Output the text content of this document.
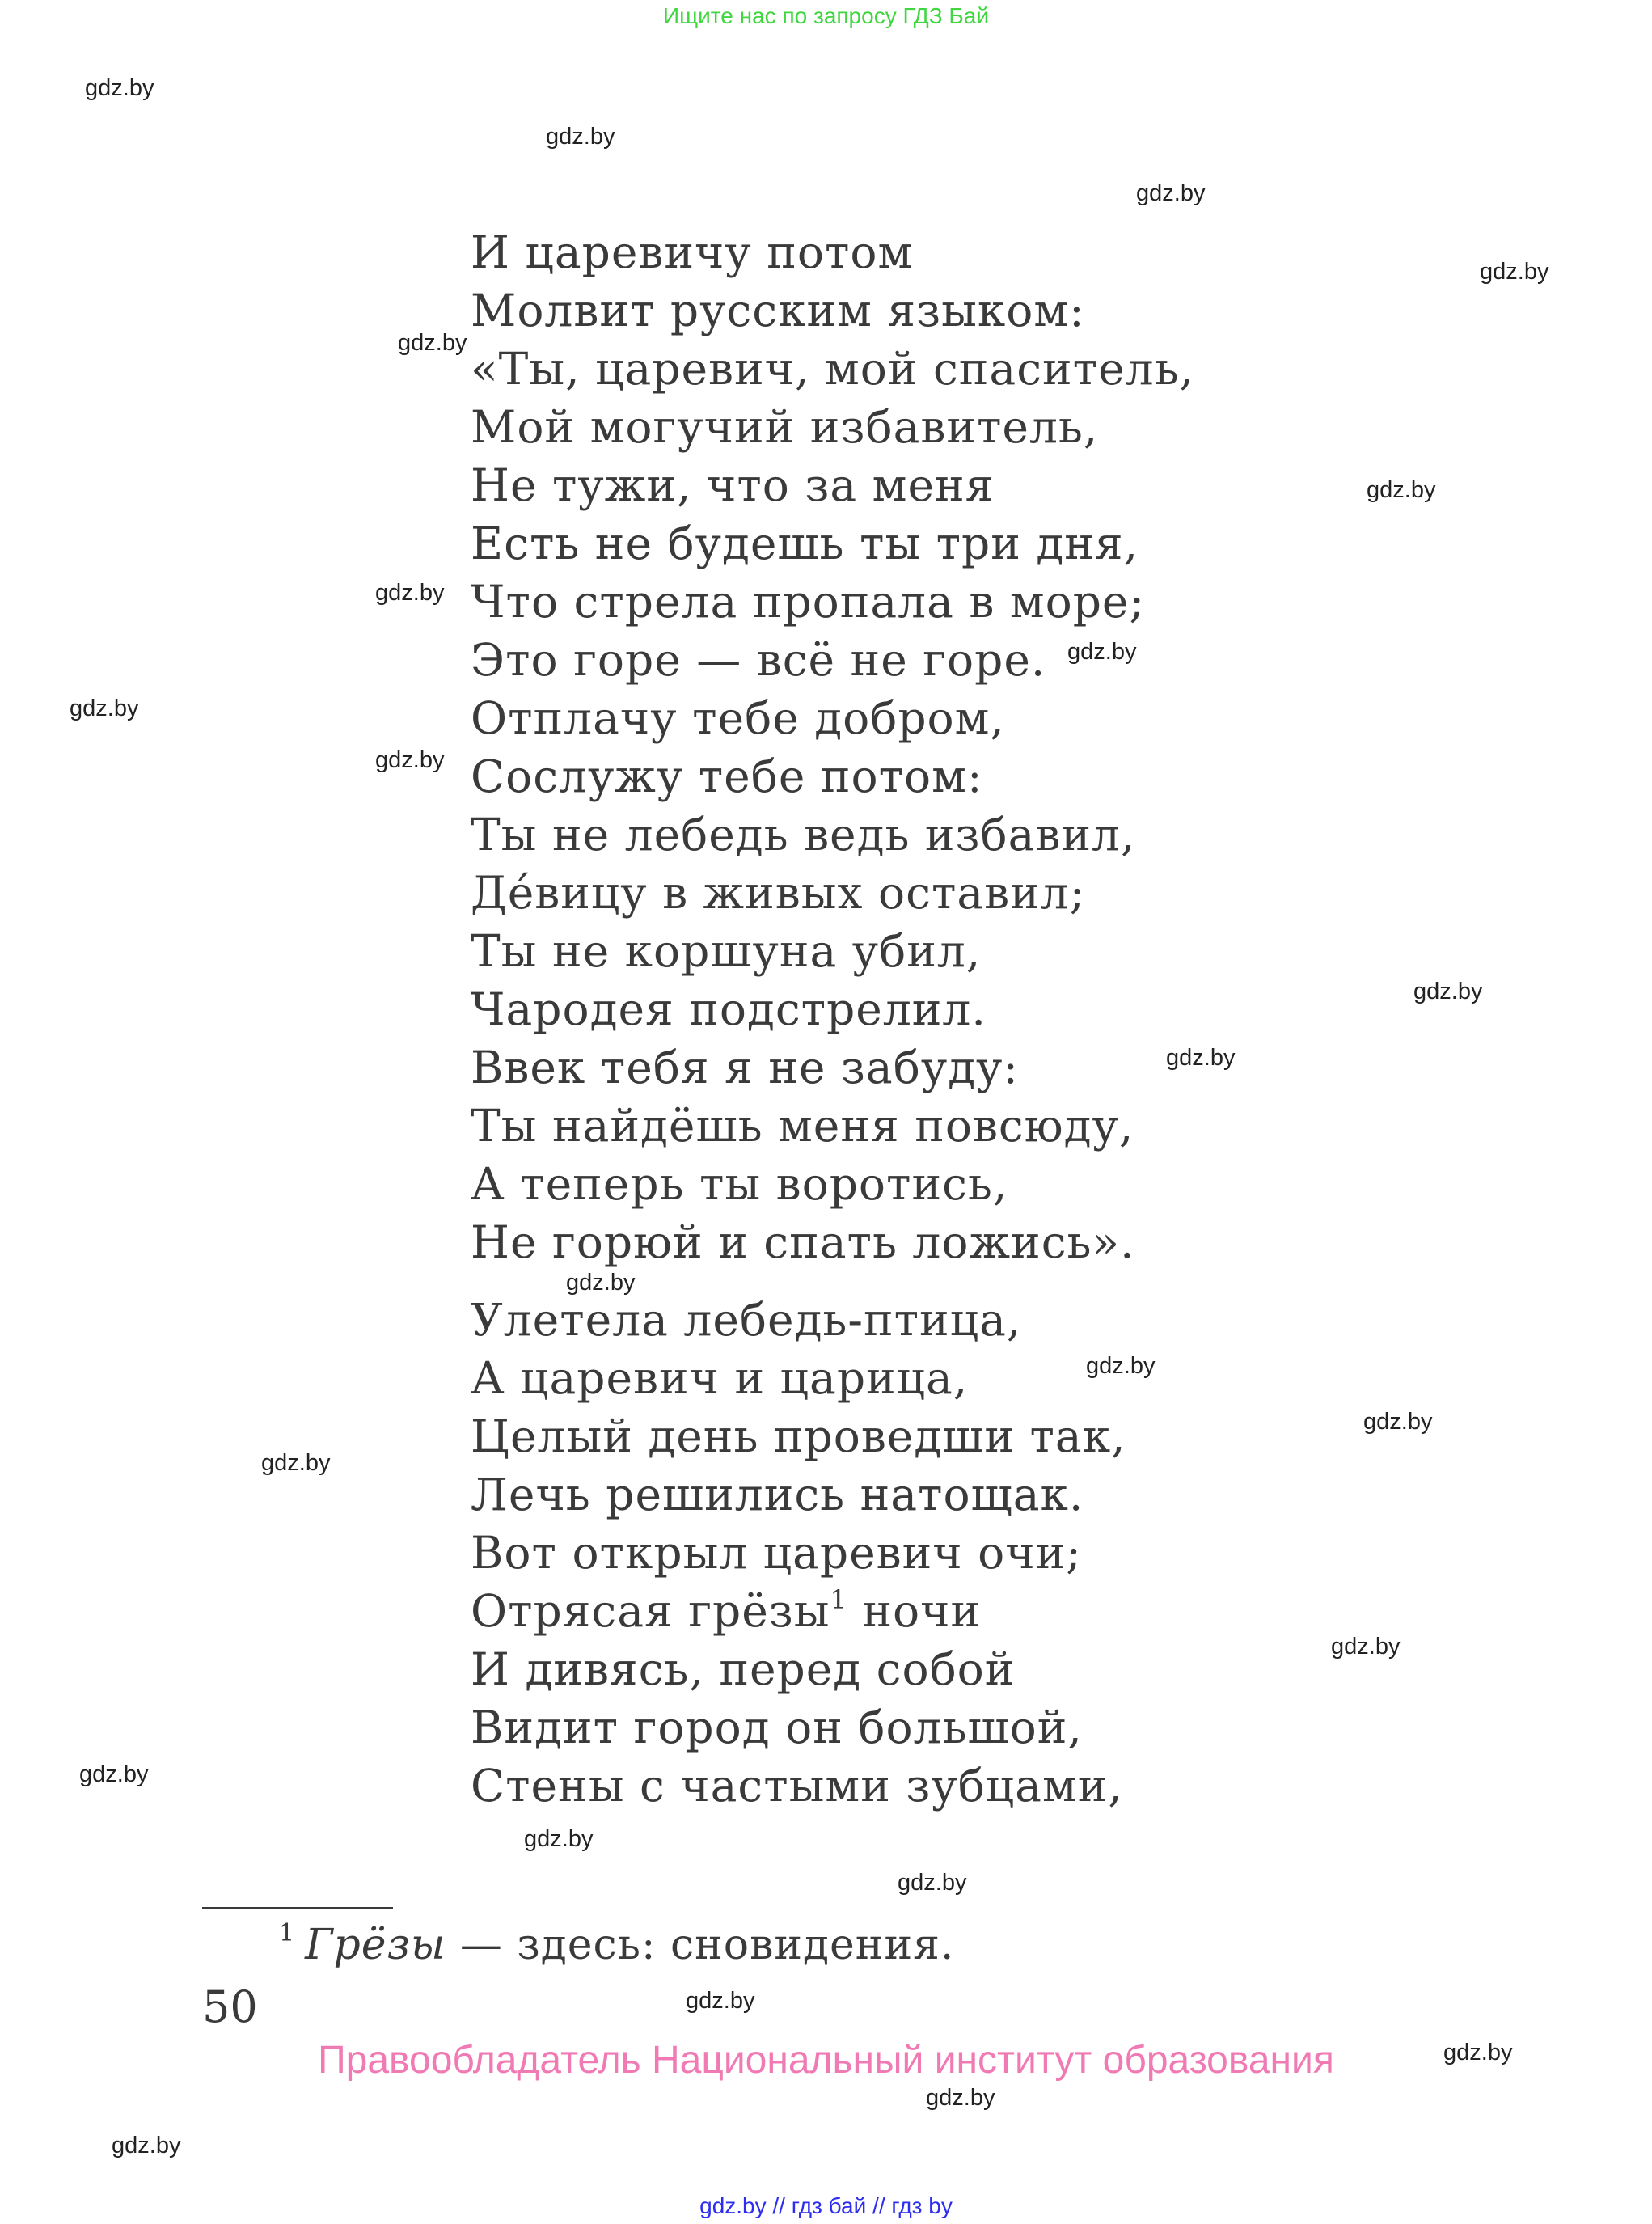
Ищите нас по запросу ГДЗ Бай
И царевичу потом
Молвит русским языком:
«Ты, царевич, мой спаситель,
Мой могучий избавитель,
Не тужи, что за меня
Есть не будешь ты три дня,
Что стрела пропала в море;
Это горе — всё не горе.
Отплачу тебе добром,
Сослужу тебе потом:
Ты не лебедь ведь избавил,
Де́вицу в живых оставил;
Ты не коршуна убил,
Чародея подстрелил.
Ввек тебя я не забуду:
Ты найдёшь меня повсюду,
А теперь ты воротись,
Не горюй и спать ложись».
Улетела лебедь-птица,
А царевич и царица,
Целый день проведши так,
Лечь решились натощак.
Вот открыл царевич очи;
Отрясая грёзы$^1$ ночи
И дивясь, перед собой
Видит город он большой,
Стены с частыми зубцами,
$^1$ Грёзы — здесь: сновидения.
50
Правообладатель Национальный институт образования
gdz.by // гдз бай // гдз by
gdz.by
gdz.by
gdz.by
gdz.by
gdz.by
gdz.by
gdz.by
gdz.by
gdz.by
gdz.by
gdz.by
gdz.by
gdz.by
gdz.by
gdz.by
gdz.by
gdz.by
gdz.by
gdz.by
gdz.by
gdz.by
gdz.by
gdz.by
gdz.by
